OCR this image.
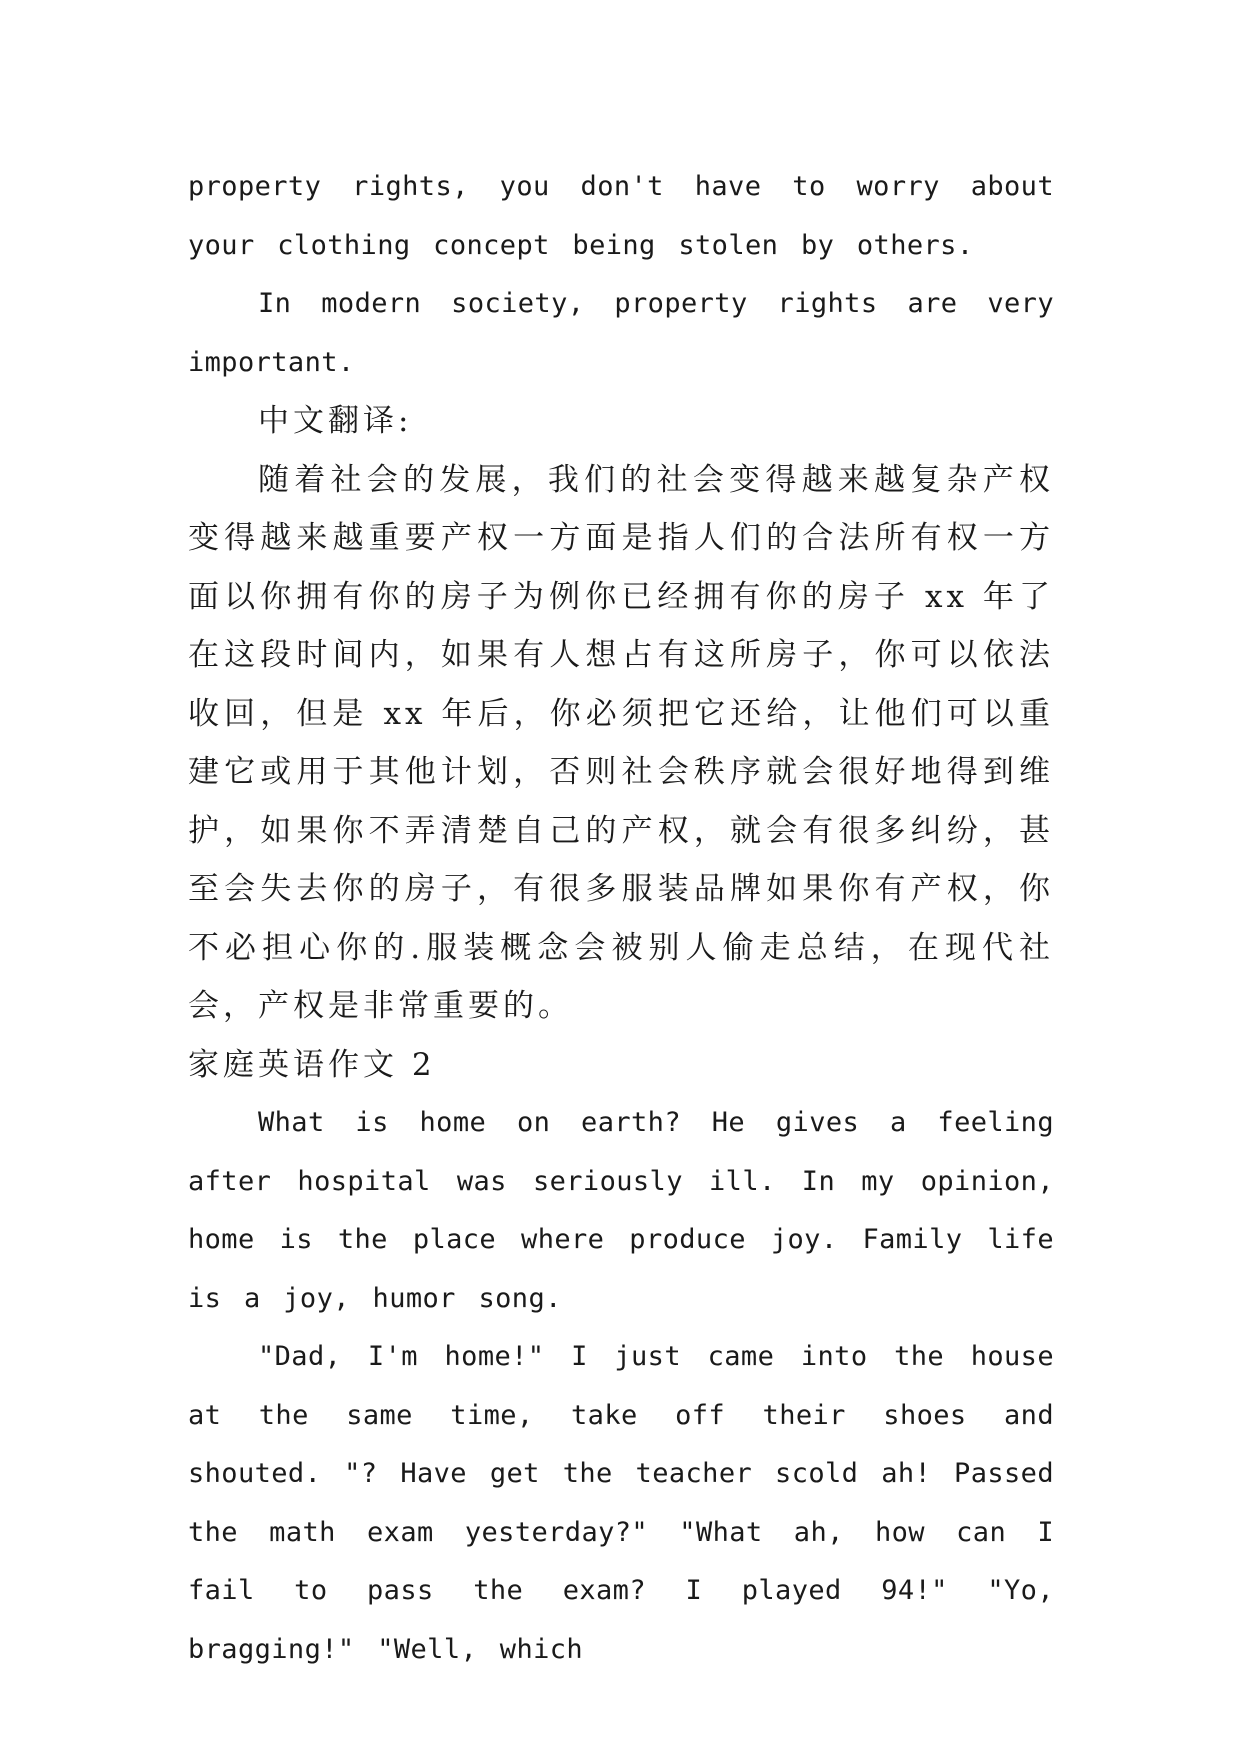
property rights, you don't have to worry about your clothing concept being stolen by others.

In modern society, property rights are very important.

中文翻译:

随着社会的发展，我们的社会变得越来越复杂产权变得越来越重要产权一方面是指人们的合法所有权一方面以你拥有你的房子为例你已经拥有你的房子 xx 年了在这段时间内，如果有人想占有这所房子，你可以依法收回，但是 xx 年后，你必须把它还给，让他们可以重建它或用于其他计划，否则社会秩序就会很好地得到维护，如果你不弄清楚自己的产权，就会有很多纠纷，甚至会失去你的房子，有很多服装品牌如果你有产权，你不必担心你的.服装概念会被别人偷走总结，在现代社会，产权是非常重要的。

家庭英语作文 2

What is home on earth? He gives a feeling after hospital was seriously ill. In my opinion, home is the place where produce joy. Family life is a joy, humor song.

"Dad, I'm home!" I just came into the house at the same time, take off their shoes and shouted. "? Have get the teacher scold ah! Passed the math exam yesterday?" "What ah, how can I fail to pass the exam? I played 94!" "Yo, bragging!" "Well, which
